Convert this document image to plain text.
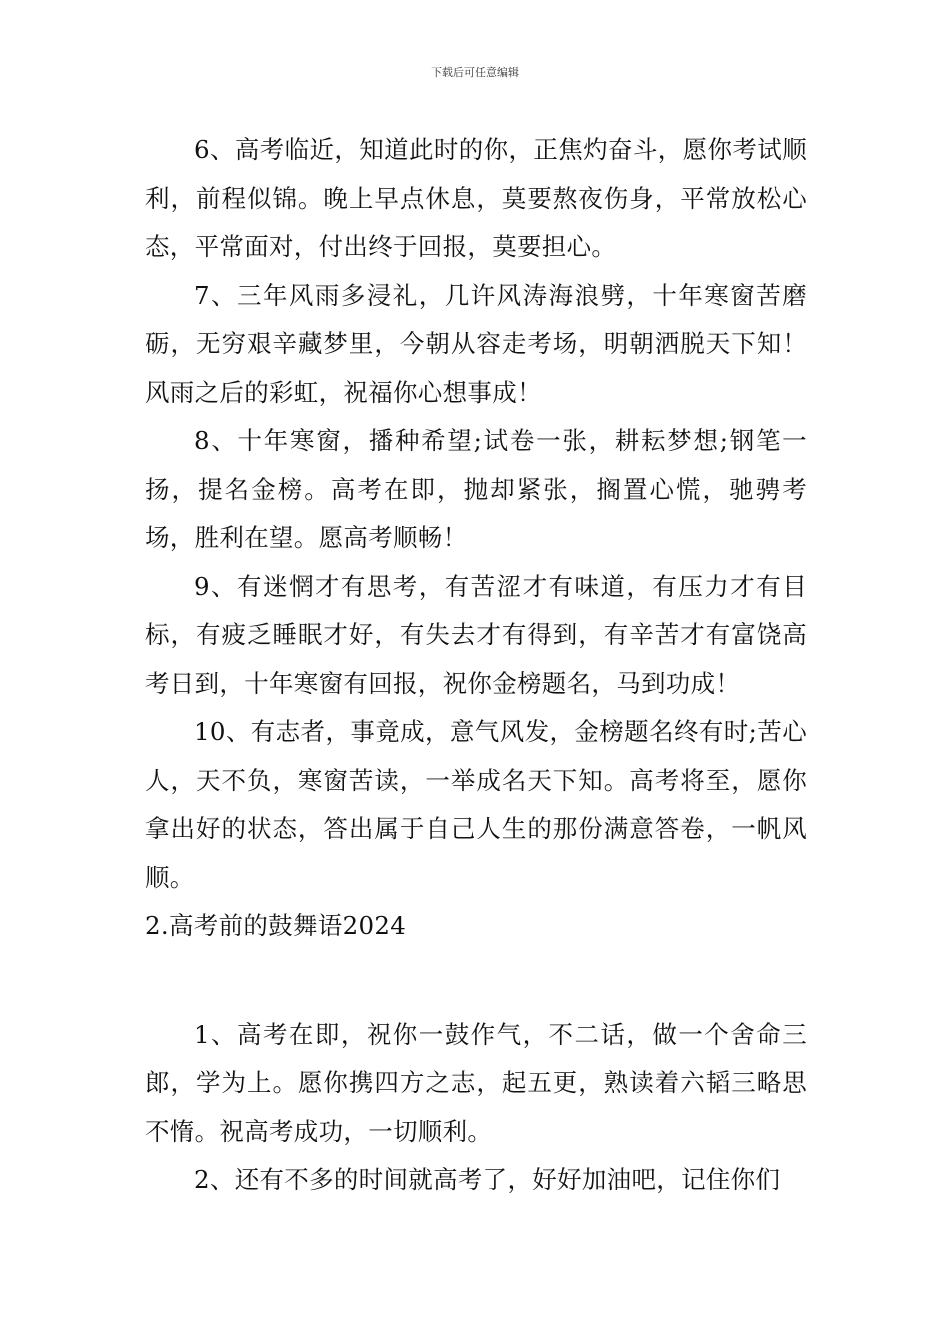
下载后可任意编辑

6、高考临近，知道此时的你，正焦灼奋斗，愿你考试顺利，前程似锦。晚上早点休息，莫要熬夜伤身，平常放松心态，平常面对，付出终于回报，莫要担心。

7、三年风雨多浸礼，几许风涛海浪劈，十年寒窗苦磨砺，无穷艰辛藏梦里，今朝从容走考场，明朝洒脱天下知！风雨之后的彩虹，祝福你心想事成！

8、十年寒窗，播种希望;试卷一张，耕耘梦想;钢笔一扬，提名金榜。高考在即，抛却紧张，搁置心慌，驰骋考场，胜利在望。愿高考顺畅！

9、有迷惘才有思考，有苦涩才有味道，有压力才有目标，有疲乏睡眠才好，有失去才有得到，有辛苦才有富饶高考日到，十年寒窗有回报，祝你金榜题名，马到功成！

10、有志者，事竟成，意气风发，金榜题名终有时;苦心人，天不负，寒窗苦读，一举成名天下知。高考将至，愿你拿出好的状态，答出属于自己人生的那份满意答卷，一帆风顺。

2.高考前的鼓舞语2024

1、高考在即，祝你一鼓作气，不二话，做一个舍命三郎，学为上。愿你携四方之志，起五更，熟读着六韬三略思不惰。祝高考成功，一切顺利。

2、还有不多的时间就高考了，好好加油吧，记住你们
